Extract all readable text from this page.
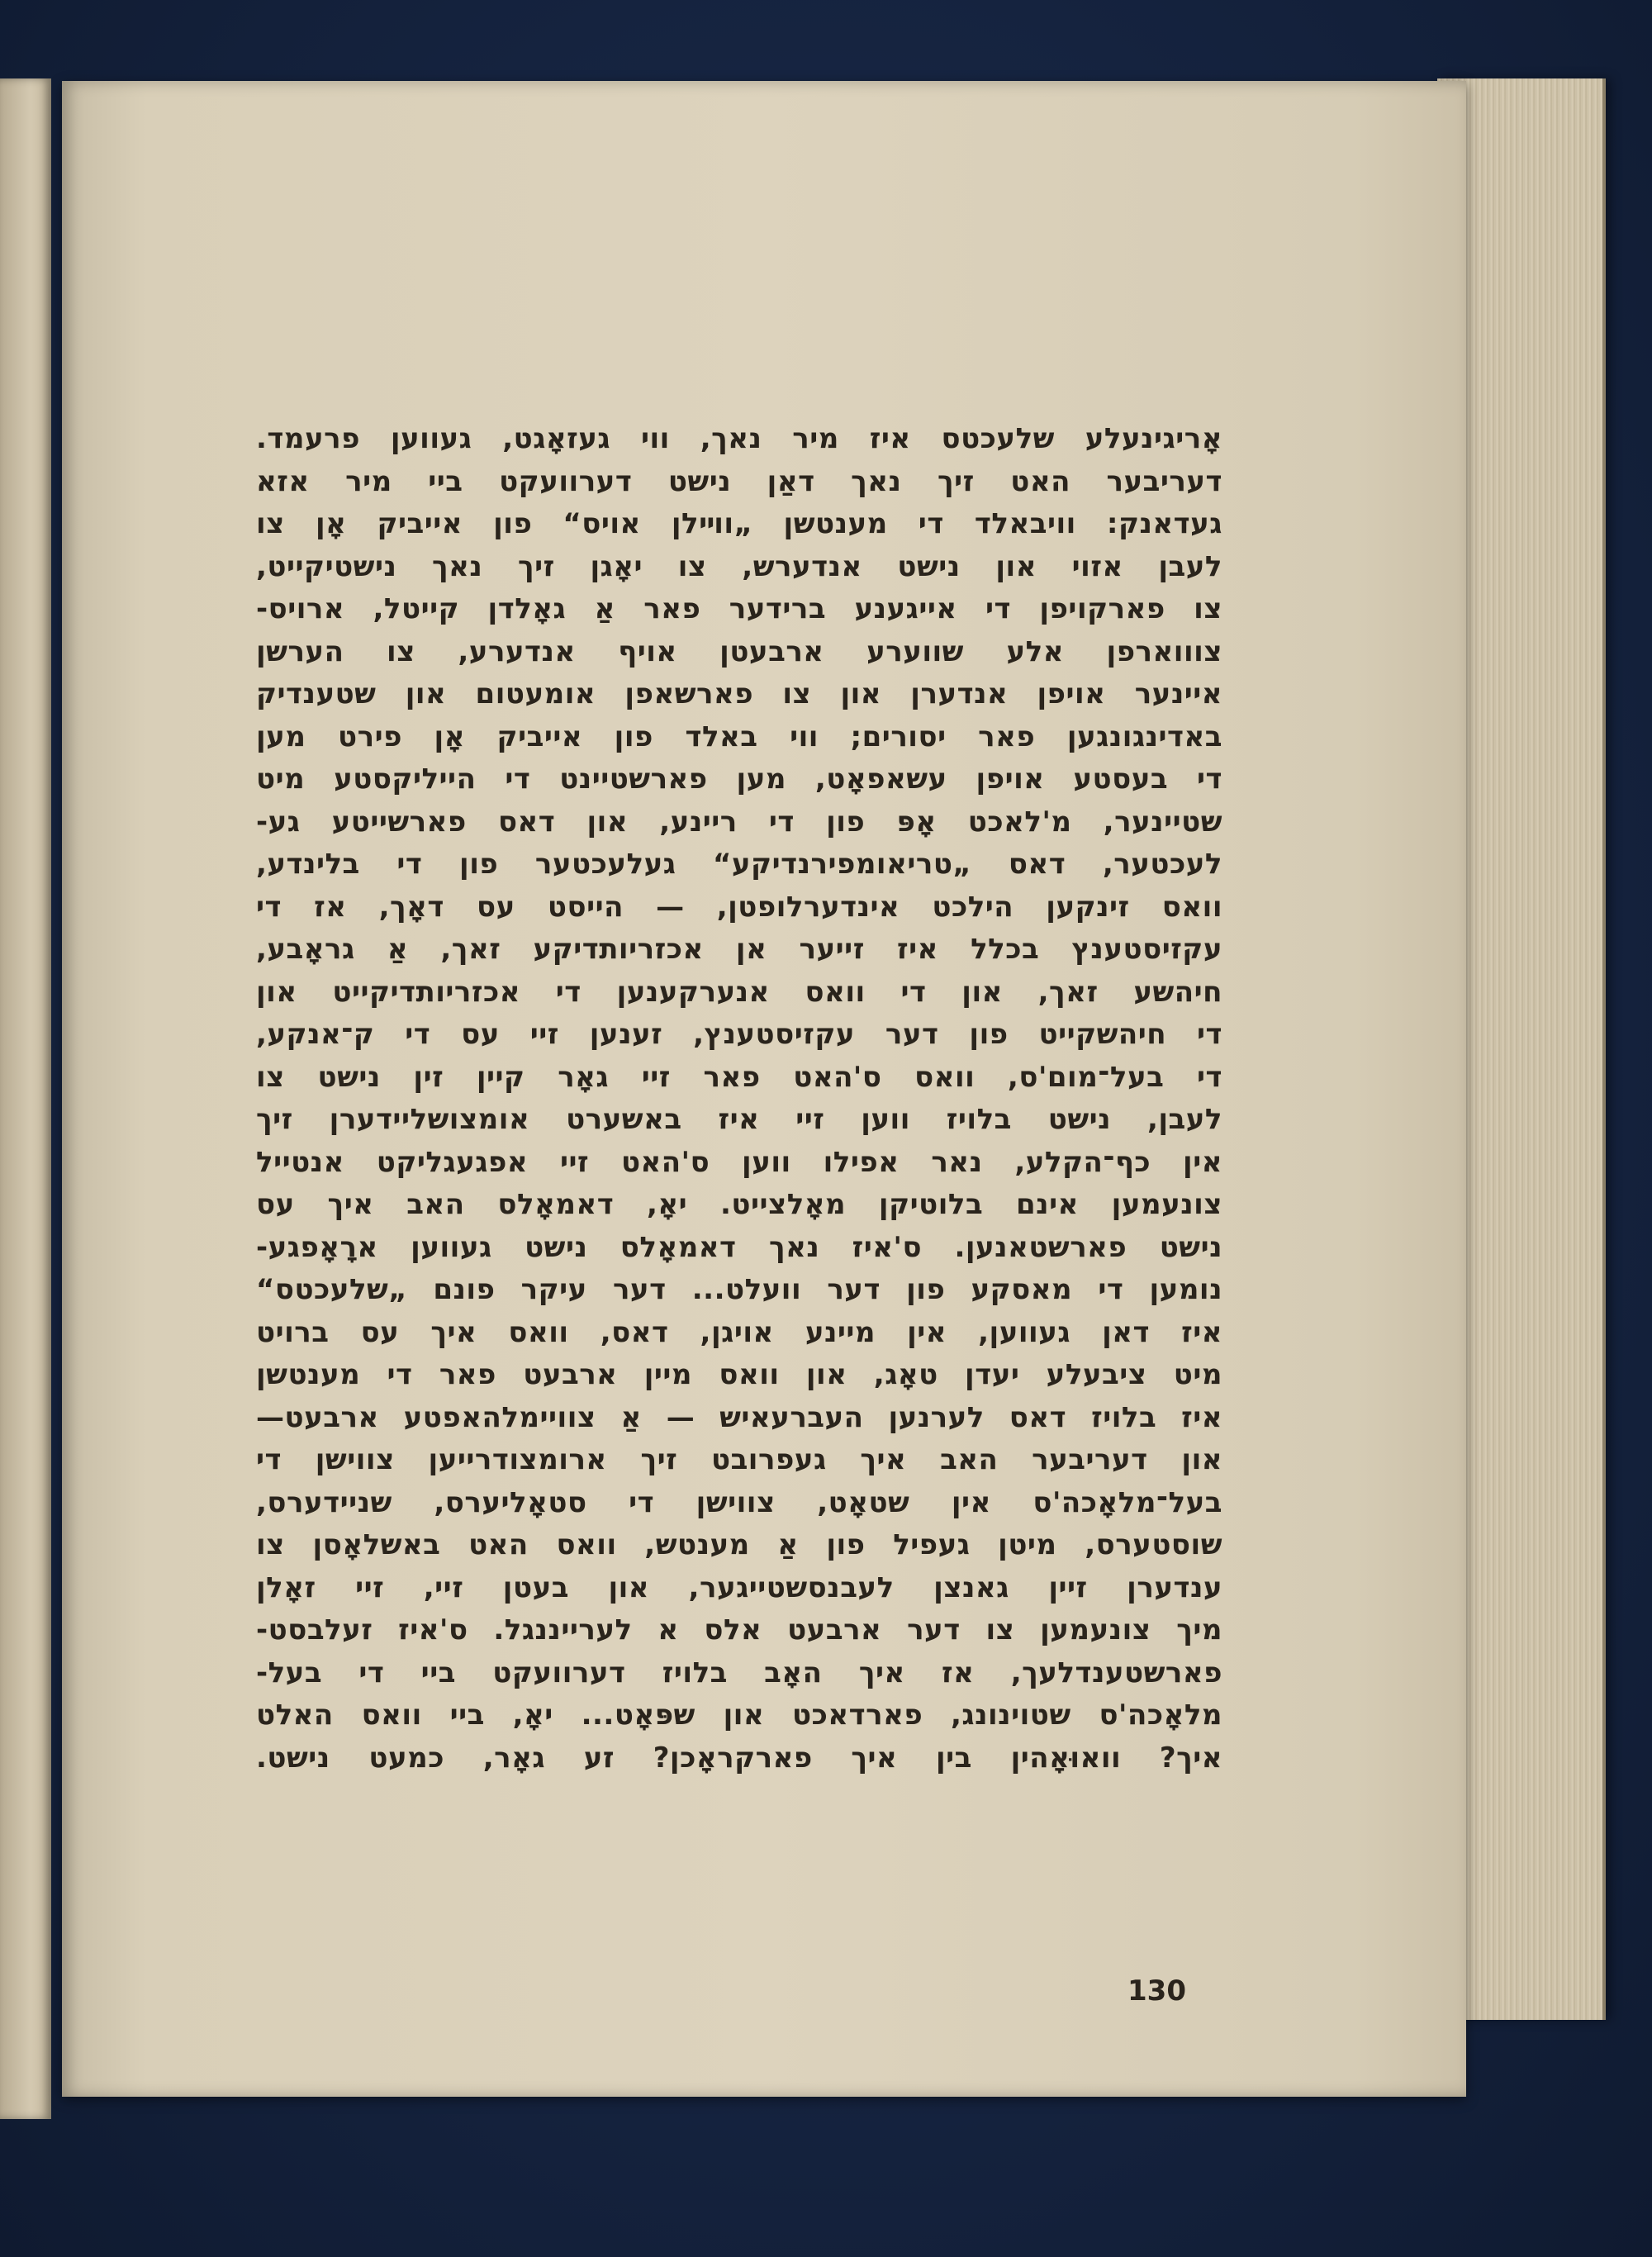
אָריגינעלע שלעכטס איז מיר נאך, ווי געזאָגט, געווען פרעמד.
דעריבער האט זיך נאך דאַן נישט דערוועקט ביי מיר אזא
געדאנק: וויבאלד די מענטשן „ווײלן אויס“ פון אייביק אָן צו
לעבן אזוי און נישט אנדערש, צו יאָגן זיך נאך נישטיקייט,
צו פארקויפן די אייגענע ברידער פאר אַ גאָלדן קייטל, ארויס-
צוווארפן אלע שווערע ארבעטן אויף אנדערע, צו הערשן
איינער אויפן אנדערן און צו פארשאפן אומעטום און שטענדיק
באדינגונגען פאר יסורים; ווי באלד פון אייביק אָן פירט מען
די בעסטע אויפן עשאפאָט, מען פארשטיינט די הייליקסטע מיט
שטיינער, מ'לאכט אָפּ פון די ריינע, און דאס פארשייטע גע-
לעכטער, דאס „טריאומפירנדיקע“ געלעכטער פון די בלינדע,
וואס זינקען הילכט אינדערלופטן, — הייסט עס דאָך, אז די
עקזיסטענץ בכלל איז זייער אן אכזריותדיקע זאך, אַ גראָבע,
חיהשע זאך, און די וואס אנערקענען די אכזריותדיקייט און
די חיהשקייט פון דער עקזיסטענץ, זענען זיי עס די ק־אנקע,
די בעל־מום'ס, וואס ס'האט פאר זיי גאָר קיין זין נישט צו
לעבן, נישט בלויז ווען זיי איז באשערט אומצושליידערן זיך
אין כף־הקלע, נאר אפילו ווען ס'האט זיי אפגעגליקט אנטייל
צונעמען אינם בלוטיקן מאָלצייט. יאָ, דאמאָלס האב איך עס
נישט פארשטאנען. ס'איז נאך דאמאָלס נישט געווען ארָאָפגע-
נומען די מאסקע פון דער וועלט... דער עיקר פונם „שלעכטס“
איז דאן געווען, אין מיינע אויגן, דאס, וואס איך עס ברויט
מיט ציבעלע יעדן טאָג, און וואס מיין ארבעט פאר די מענטשן
איז בלויז דאס לערנען העברעאיש — אַ צוויימלהאפטע ארבעט—
און דעריבער האב איך געפרובט זיך ארומצודרייען צווישן די
בעל־מלאָכה'ס אין שטאָט, צווישן די סטאָליערס, שניידערס,
שוסטערס, מיטן געפיל פון אַ מענטש, וואס האט באשלאָסן צו
ענדערן זיין גאנצן לעבנסשטייגער, און בעטן זיי, זיי זאָלן
מיך צונעמען צו דער ארבעט אלס א לערייננגל. ס'איז זעלבסט-
פארשטענדלעך, אז איך האָב בלויז דערוועקט ביי די בעל-
מלאָכה'ס שטוינונג, פארדאכט און שפּאָט... יאָ, ביי וואס האלט
איך? וואוּאָהין בין איך פארקראָכן? זע גאָר, כמעט נישט.
130
